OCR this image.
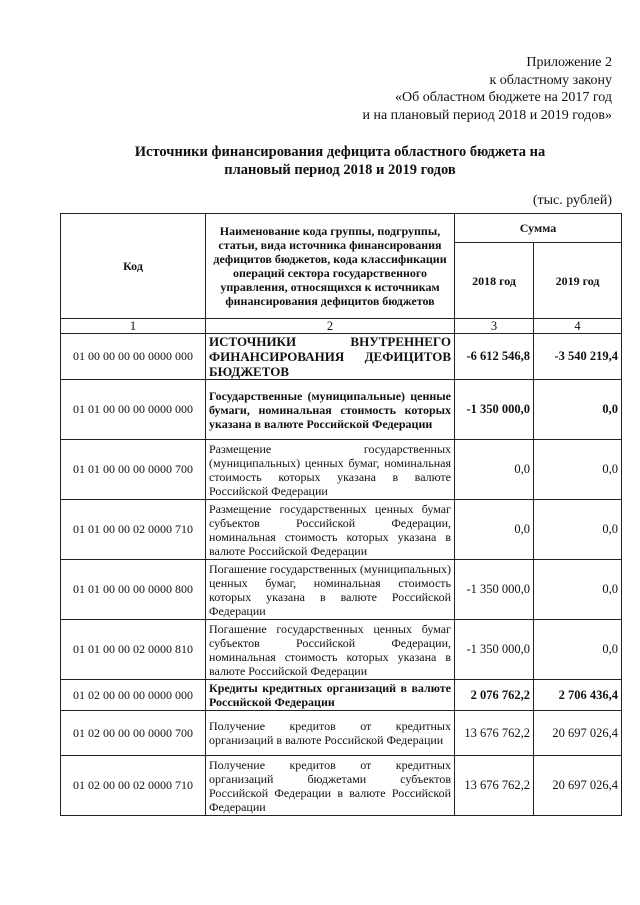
Приложение 2
к областному закону
«Об областном бюджете на 2017 год
и на плановый период 2018 и 2019 годов»
Источники финансирования дефицита областного бюджета на
плановый период 2018 и 2019 годов
(тыс. рублей)
Код	Наименование кода группы, подгруппы, статьи, вида источника финансирования дефицитов бюджетов, кода классификации операций сектора государственного управления, относящихся к источникам финансирования дефицитов бюджетов	Сумма	
		2018 год	2019 год
1	2	3	4
01 00 00 00 00 0000 000	ИСТОЧНИКИ ВНУТРЕННЕГО ФИНАНСИРОВАНИЯ ДЕФИЦИТОВ БЮДЖЕТОВ	-6 612 546,8	-3 540 219,4
01 01 00 00 00 0000 000	Государственные (муниципальные) ценные бумаги, номинальная стоимость которых указана в валюте Российской Федерации	-1 350 000,0	0,0
01 01 00 00 00 0000 700	Размещение государственных (муниципальных) ценных бумаг, номинальная стоимость которых указана в валюте Российской Федерации	0,0	0,0
01 01 00 00 02 0000 710	Размещение государственных ценных бумаг субъектов Российской Федерации, номинальная стоимость которых указана в валюте Российской Федерации	0,0	0,0
01 01 00 00 00 0000 800	Погашение государственных (муниципальных) ценных бумаг, номинальная стоимость которых указана в валюте Российской Федерации	-1 350 000,0	0,0
01 01 00 00 02 0000 810	Погашение государственных ценных бумаг субъектов Российской Федерации, номинальная стоимость которых указана в валюте Российской Федерации	-1 350 000,0	0,0
01 02 00 00 00 0000 000	Кредиты кредитных организаций в валюте Российской Федерации	2 076 762,2	2 706 436,4
01 02 00 00 00 0000 700	Получение кредитов от кредитных организаций в валюте Российской Федерации	13 676 762,2	20 697 026,4
01 02 00 00 02 0000 710	Получение кредитов от кредитных организаций бюджетами субъектов Российской Федерации в валюте Российской Федерации	13 676 762,2	20 697 026,4
